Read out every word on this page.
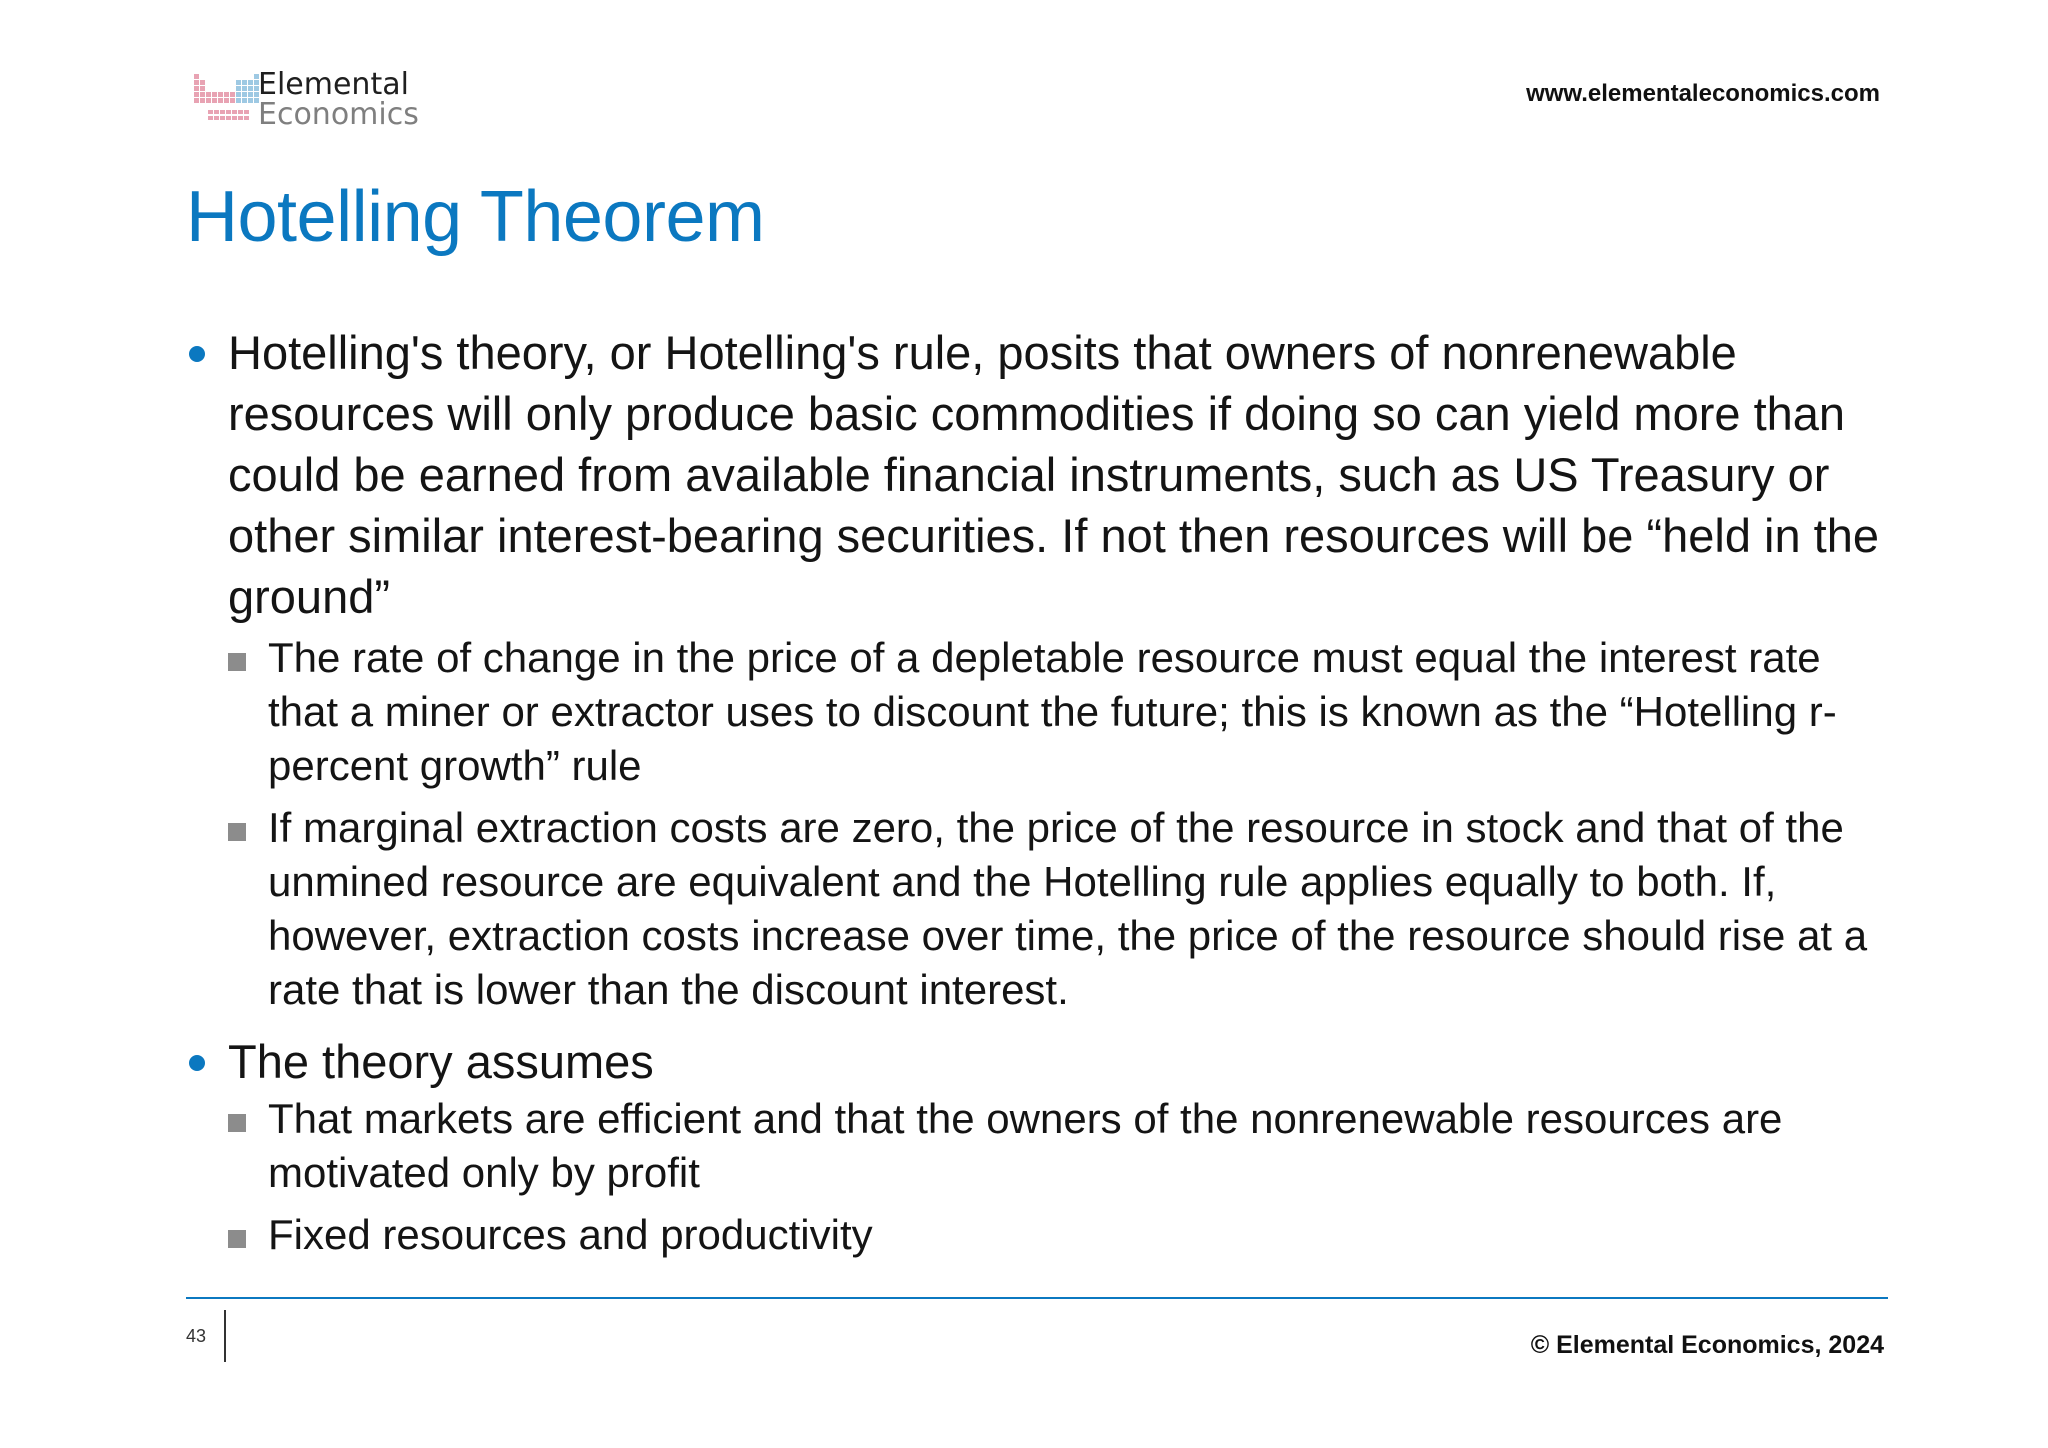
Elemental
Economics
www.elementaleconomics.com
Hotelling Theorem
Hotelling's theory, or Hotelling's rule, posits that owners of nonrenewable resources will only produce basic commodities if doing so can yield more than could be earned from available financial instruments, such as US Treasury or other similar interest-bearing securities. If not then resources will be “held in the ground”
The rate of change in the price of a depletable resource must equal the interest rate that a miner or extractor uses to discount the future; this is known as the “Hotelling r-percent growth” rule
If marginal extraction costs are zero, the price of the resource in stock and that of the unmined resource are equivalent and the Hotelling rule applies equally to both. If, however, extraction costs increase over time, the price of the resource should rise at a rate that is lower than the discount interest.
The theory assumes
That markets are efficient and that the owners of the nonrenewable resources are motivated only by profit
Fixed resources and productivity
43	© Elemental Economics, 2024
